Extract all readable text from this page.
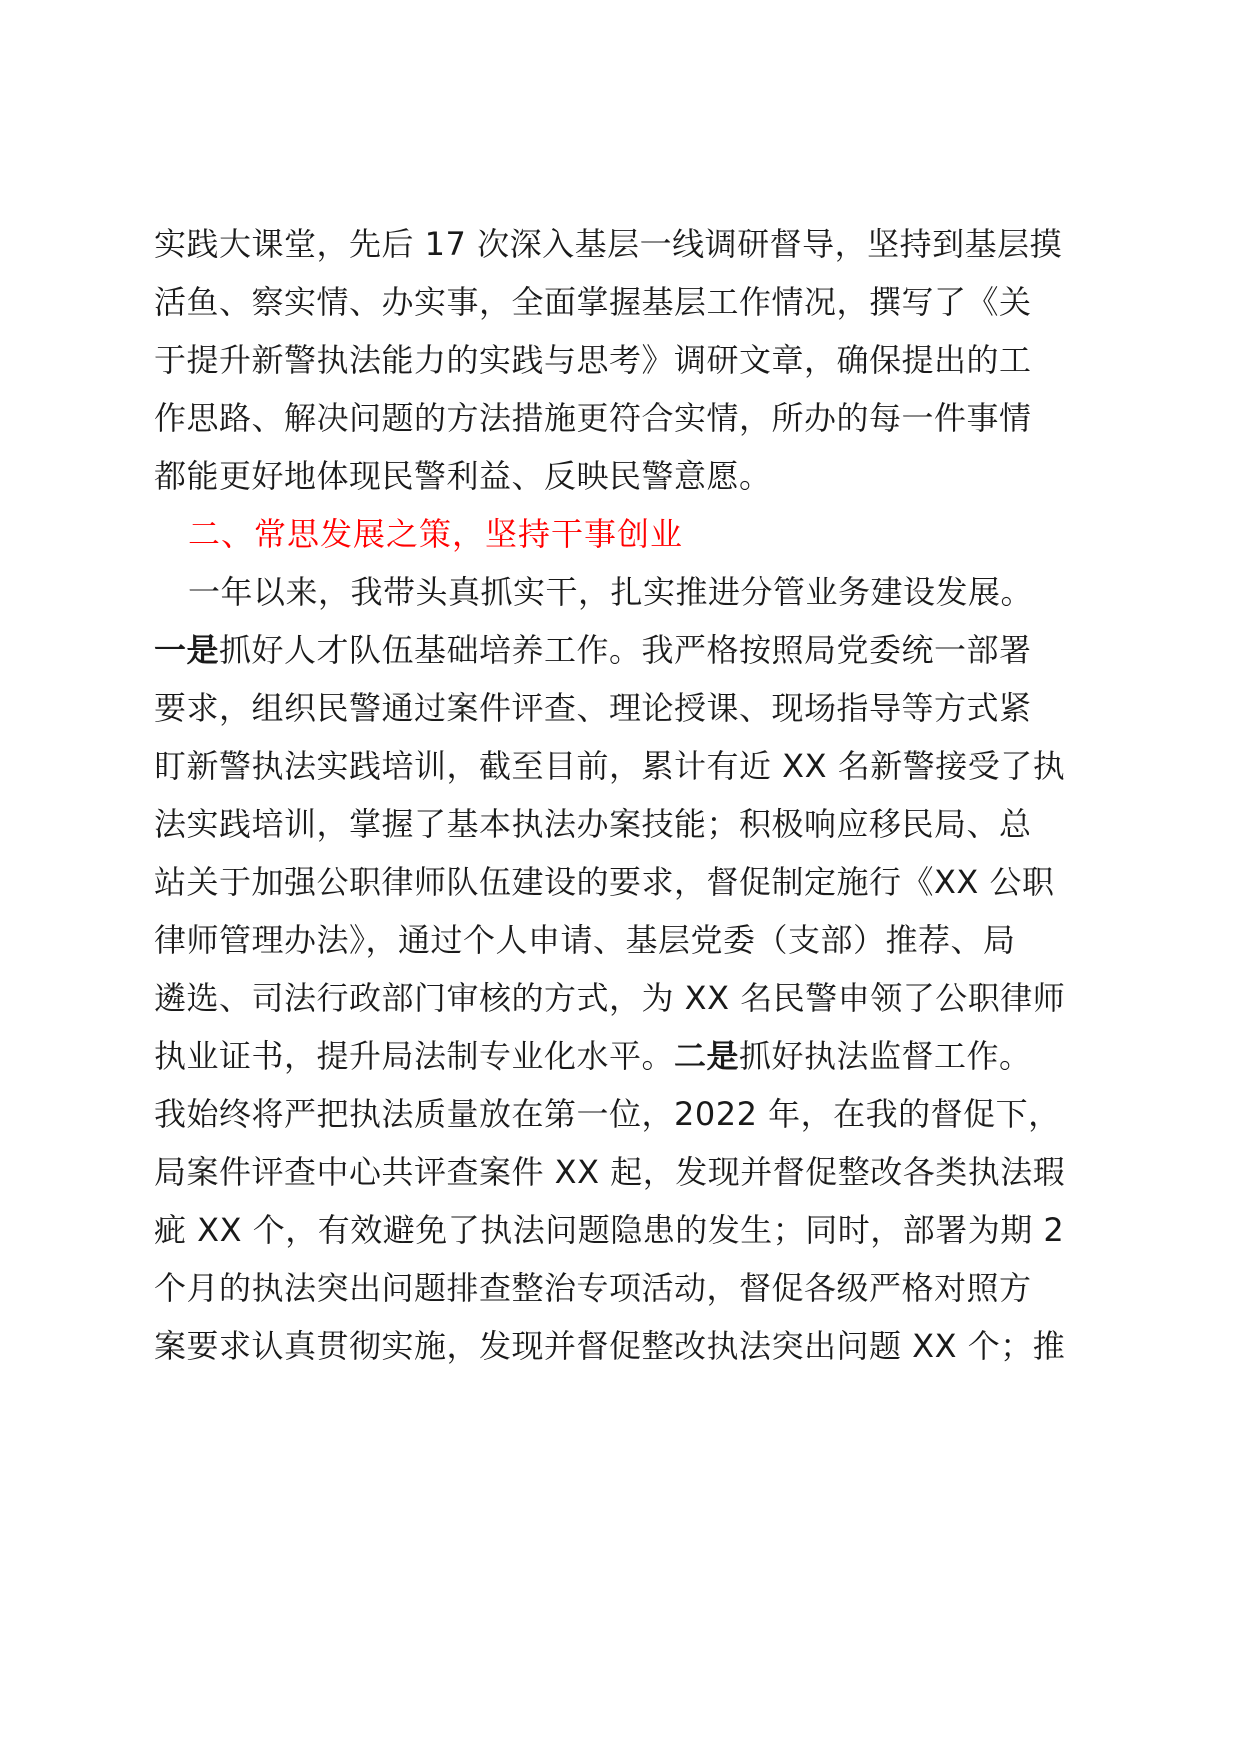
实践大课堂，先后 17 次深入基层一线调研督导，坚持到基层摸
活鱼、察实情、办实事，全面掌握基层工作情况，撰写了《关
于提升新警执法能力的实践与思考》调研文章，确保提出的工
作思路、解决问题的方法措施更符合实情，所办的每一件事情
都能更好地体现民警利益、反映民警意愿。
二、常思发展之策，坚持干事创业
一年以来，我带头真抓实干，扎实推进分管业务建设发展。
一是抓好人才队伍基础培养工作。我严格按照局党委统一部署
要求，组织民警通过案件评查、理论授课、现场指导等方式紧
盯新警执法实践培训，截至目前，累计有近 XX 名新警接受了执
法实践培训，掌握了基本执法办案技能；积极响应移民局、总
站关于加强公职律师队伍建设的要求，督促制定施行《XX 公职
律师管理办法》，通过个人申请、基层党委（支部）推荐、局
遴选、司法行政部门审核的方式，为 XX 名民警申领了公职律师
执业证书，提升局法制专业化水平。二是抓好执法监督工作。
我始终将严把执法质量放在第一位，2022 年，在我的督促下，
局案件评查中心共评查案件 XX 起，发现并督促整改各类执法瑕
疵 XX 个，有效避免了执法问题隐患的发生；同时，部署为期 2
个月的执法突出问题排查整治专项活动，督促各级严格对照方
案要求认真贯彻实施，发现并督促整改执法突出问题 XX 个；推
